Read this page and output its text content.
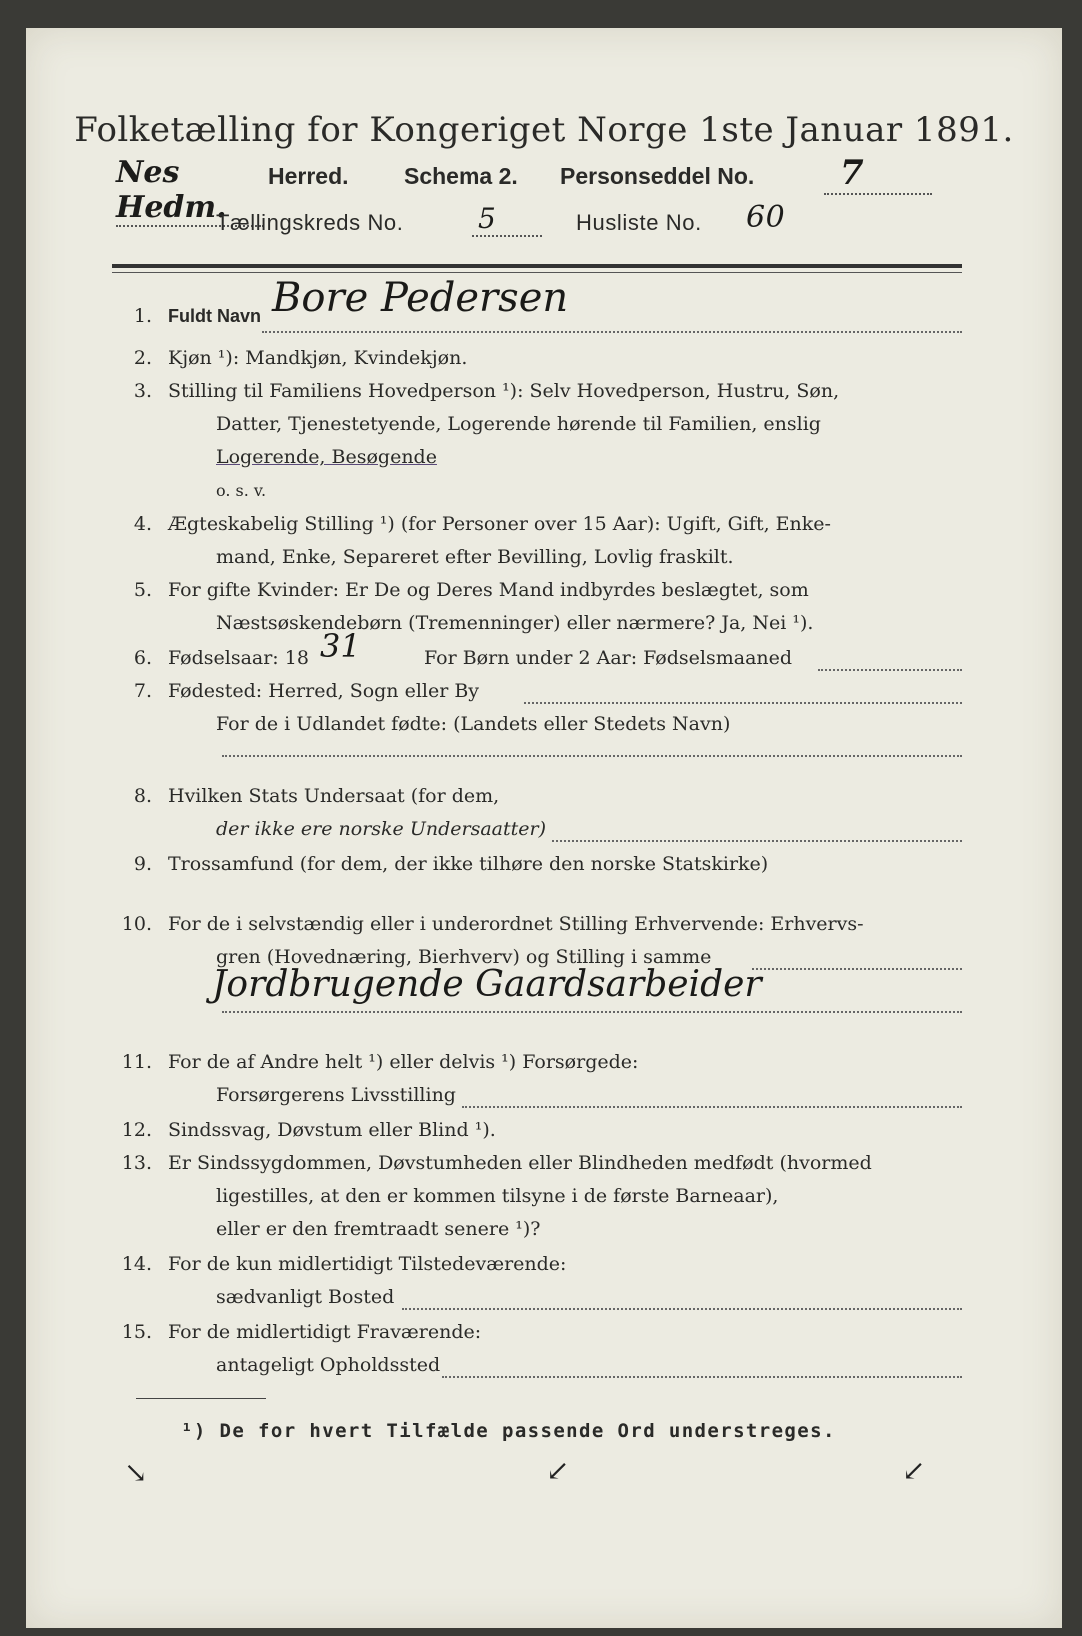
Folketælling for Kongeriget Norge 1ste Januar 1891.
Nes Hedm.
Herred. Schema 2. Personseddel No.	7
Tællingskreds No.	5	Husliste No. 60
1. Fuldt Navn Bore Pedersen
2. Kjøn ¹): Mandkjøn, Kvindekjøn.
3. Stilling til Familiens Hovedperson ¹): Selv Hovedperson, Hustru, Søn,
Datter, Tjenestetyende, Logerende hørende til Familien, enslig
Logerende, Besøgende
o. s. v.
4. Ægteskabelig Stilling ¹) (for Personer over 15 Aar): Ugift, Gift, Enke-
mand, Enke, Separeret efter Bevilling, Lovlig fraskilt.
5. For gifte Kvinder: Er De og Deres Mand indbyrdes beslægtet, som
Næstsøskendebørn (Tremenninger) eller nærmere? Ja, Nei ¹).
6. Fødselsaar: 18 31	For Børn under 2 Aar: Fødselsmaaned
7. Fødested: Herred, Sogn eller By
For de i Udlandet fødte: (Landets eller Stedets Navn)
8. Hvilken Stats Undersaat (for dem,
der ikke ere norske Undersaatter)
9. Trossamfund (for dem, der ikke tilhøre den norske Statskirke)
10. For de i selvstændig eller i underordnet Stilling Erhvervende: Erhvervs-
gren (Hovednæring, Bierhverv) og Stilling i samme
Jordbrugende Gaardsarbeider
11. For de af Andre helt ¹) eller delvis ¹) Forsørgede:
Forsørgerens Livsstilling
12. Sindssvag, Døvstum eller Blind ¹).
13. Er Sindssygdommen, Døvstumheden eller Blindheden medfødt (hvormed
ligestilles, at den er kommen tilsyne i de første Barneaar),
eller er den fremtraadt senere ¹)?
14. For de kun midlertidigt Tilstedeværende:
sædvanligt Bosted
15. For de midlertidigt Fraværende:
antageligt Opholdssted
¹) De for hvert Tilfælde passende Ord understreges.
↘	↙	↙
